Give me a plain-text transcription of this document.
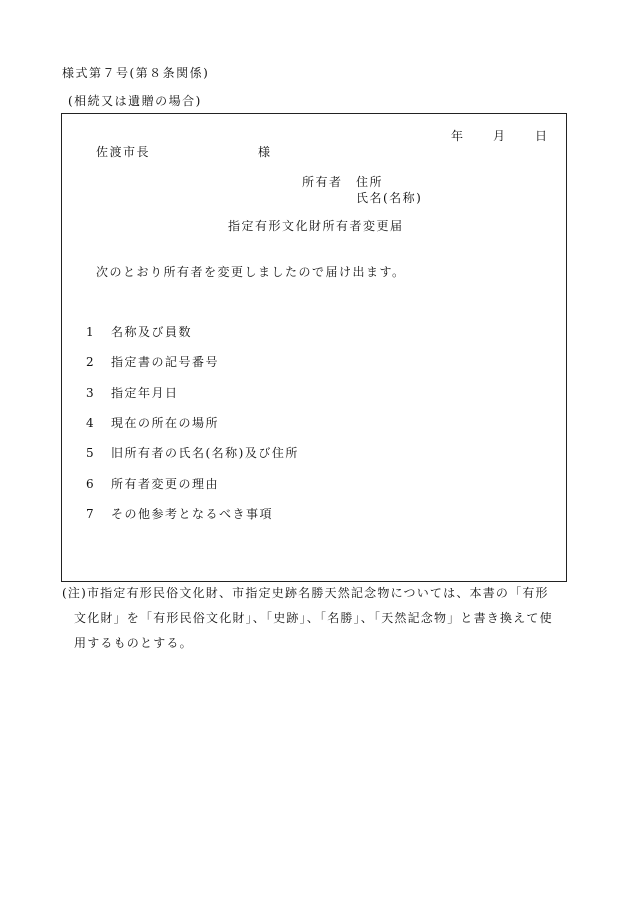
様式第７号(第８条関係)
(相続又は遺贈の場合)
年 月 日
佐渡市長	様
所有者 住所
氏名(名称)
指定有形文化財所有者変更届
次のとおり所有者を変更しましたので届け出ます。
1 名称及び員数
2 指定書の記号番号
3 指定年月日
4 現在の所在の場所
5 旧所有者の氏名(名称)及び住所
6 所有者変更の理由
7 その他参考となるべき事項
(注)市指定有形民俗文化財、市指定史跡名勝天然記念物については、本書の「有形
文化財」を「有形民俗文化財」、「史跡」、「名勝」、「天然記念物」と書き換えて使
用するものとする。
